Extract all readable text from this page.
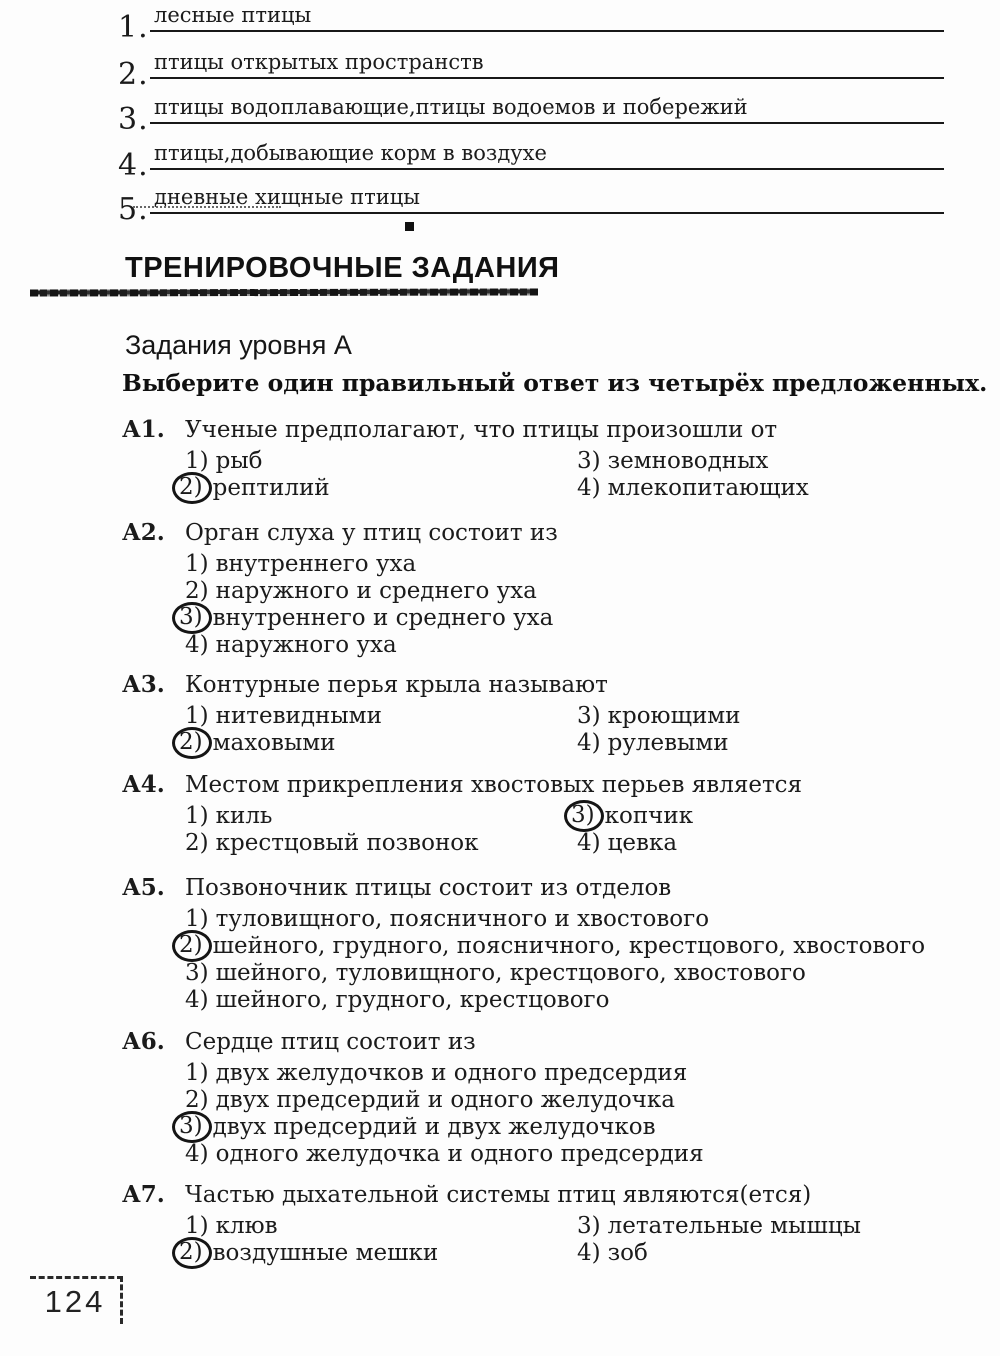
1. лесные птицы
2. птицы открытых пространств
3. птицы водоплавающие,птицы водоемов и побережий
4. птицы,добывающие корм в воздухе
5. дневные хищные птицы
ТРЕНИРОВОЧНЫЕ ЗАДАНИЯ
Задания уровня А
Выберите один правильный ответ из четырёх предложенных.
А1. Ученые предполагают, что птицы произошли от
1) рыб
2) рептилий
3) земноводных
4) млекопитающих
А2. Орган слуха у птиц состоит из
1) внутреннего уха
2) наружного и среднего уха
3) внутреннего и среднего уха
4) наружного уха
А3. Контурные перья крыла называют
1) нитевидными
2) маховыми
3) кроющими
4) рулевыми
А4. Местом прикрепления хвостовых перьев является
1) киль
2) крестцовый позвонок
3) копчик
4) цевка
А5. Позвоночник птицы состоит из отделов
1) туловищного, поясничного и хвостового
2) шейного, грудного, поясничного, крестцового, хвостового
3) шейного, туловищного, крестцового, хвостового
4) шейного, грудного, крестцового
А6. Сердце птиц состоит из
1) двух желудочков и одного предсердия
2) двух предсердий и одного желудочка
3) двух предсердий и двух желудочков
4) одного желудочка и одного предсердия
А7. Частью дыхательной системы птиц являются(ется)
1) клюв
2) воздушные мешки
3) летательные мышцы
4) зоб
124
